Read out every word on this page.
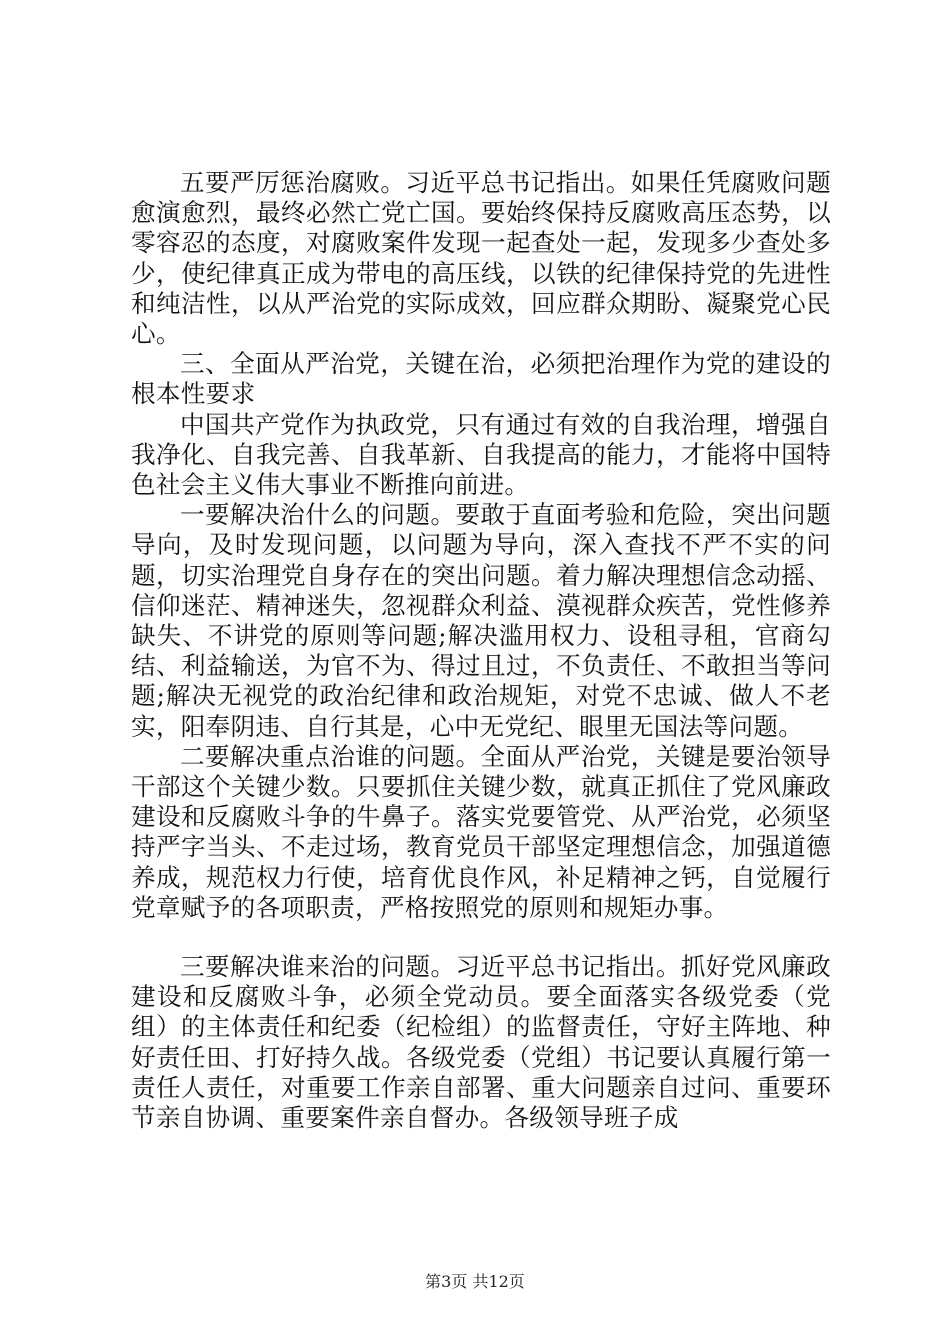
五要严厉惩治腐败。习近平总书记指出。如果任凭腐败问题愈演愈烈，最终必然亡党亡国。要始终保持反腐败高压态势，以零容忍的态度，对腐败案件发现一起查处一起，发现多少查处多少，使纪律真正成为带电的高压线，以铁的纪律保持党的先进性和纯洁性，以从严治党的实际成效，回应群众期盼、凝聚党心民心。

三、全面从严治党，关键在治，必须把治理作为党的建设的根本性要求

中国共产党作为执政党，只有通过有效的自我治理，增强自我净化、自我完善、自我革新、自我提高的能力，才能将中国特色社会主义伟大事业不断推向前进。

一要解决治什么的问题。要敢于直面考验和危险，突出问题导向，及时发现问题，以问题为导向，深入查找不严不实的问题，切实治理党自身存在的突出问题。着力解决理想信念动摇、信仰迷茫、精神迷失，忽视群众利益、漠视群众疾苦，党性修养缺失、不讲党的原则等问题;解决滥用权力、设租寻租，官商勾结、利益输送，为官不为、得过且过，不负责任、不敢担当等问题;解决无视党的政治纪律和政治规矩，对党不忠诚、做人不老实，阳奉阴违、自行其是，心中无党纪、眼里无国法等问题。

二要解决重点治谁的问题。全面从严治党，关键是要治领导干部这个关键少数。只要抓住关键少数，就真正抓住了党风廉政建设和反腐败斗争的牛鼻子。落实党要管党、从严治党，必须坚持严字当头、不走过场，教育党员干部坚定理想信念，加强道德养成，规范权力行使，培育优良作风，补足精神之钙，自觉履行党章赋予的各项职责，严格按照党的原则和规矩办事。

三要解决谁来治的问题。习近平总书记指出。抓好党风廉政建设和反腐败斗争，必须全党动员。要全面落实各级党委（党组）的主体责任和纪委（纪检组）的监督责任，守好主阵地、种好责任田、打好持久战。各级党委（党组）书记要认真履行第一责任人责任，对重要工作亲自部署、重大问题亲自过问、重要环节亲自协调、重要案件亲自督办。各级领导班子成

第3页 共12页
